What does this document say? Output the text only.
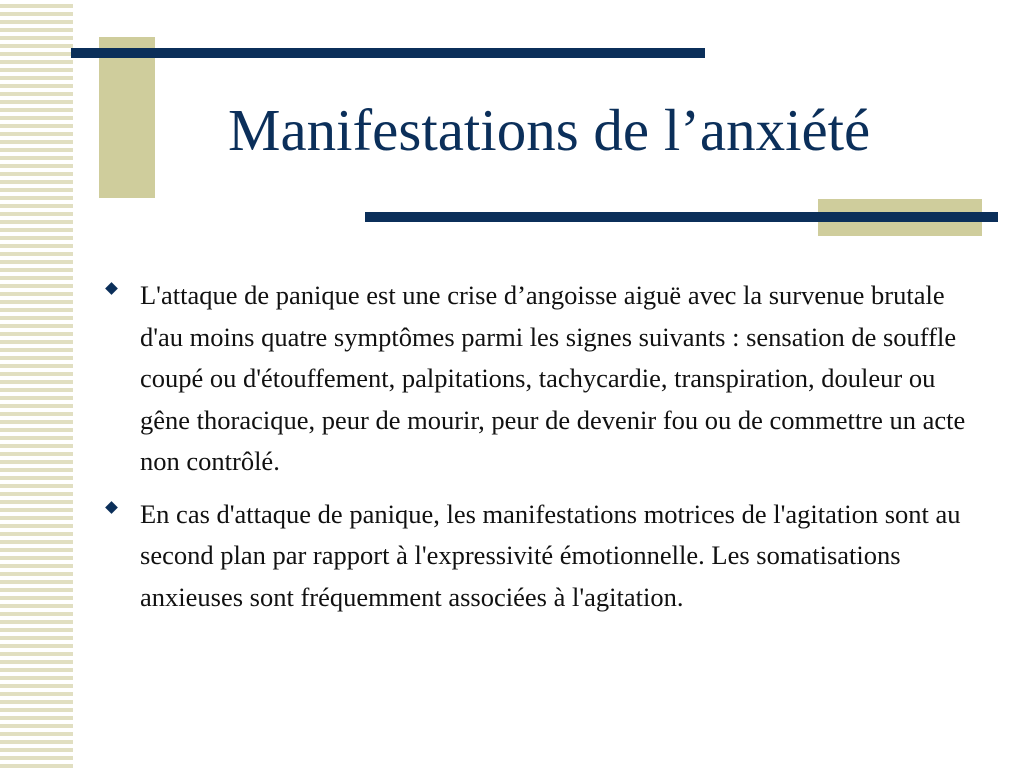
Manifestations de l’anxiété
L'attaque de panique est une crise d’angoisse aiguë avec la survenue brutale d'au moins quatre symptômes parmi les signes suivants : sensation de souffle coupé ou d'étouffement, palpitations, tachycardie, transpiration, douleur ou gêne thoracique, peur de mourir, peur de devenir fou ou de commettre un acte non contrôlé.
En cas d'attaque de panique, les manifestations motrices de l'agitation sont au second plan par rapport à l'expressivité émotionnelle. Les somatisations anxieuses sont fréquemment associées à l'agitation.
